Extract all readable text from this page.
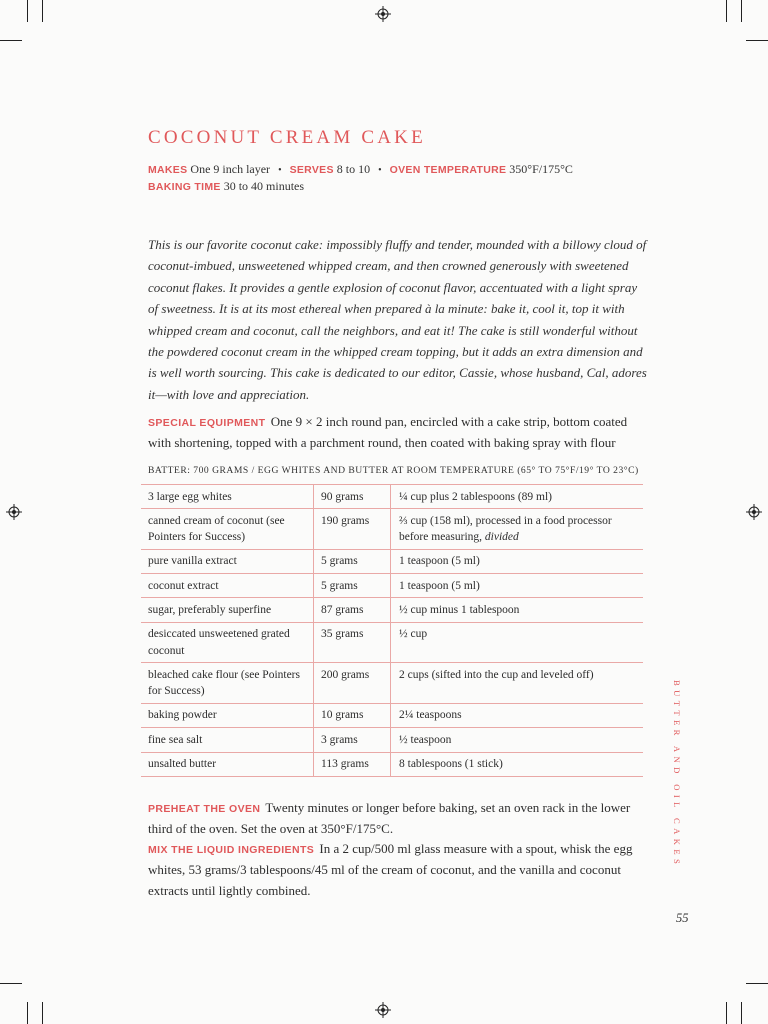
COCONUT CREAM CAKE
MAKES One 9 inch layer • SERVES 8 to 10 • OVEN TEMPERATURE 350°F/175°C
BAKING TIME 30 to 40 minutes
This is our favorite coconut cake: impossibly fluffy and tender, mounded with a billowy cloud of coconut-imbued, unsweetened whipped cream, and then crowned generously with sweetened coconut flakes. It provides a gentle explosion of coconut flavor, accentuated with a light spray of sweetness. It is at its most ethereal when prepared à la minute: bake it, cool it, top it with whipped cream and coconut, call the neighbors, and eat it! The cake is still wonderful without the powdered coconut cream in the whipped cream topping, but it adds an extra dimension and is well worth sourcing. This cake is dedicated to our editor, Cassie, whose husband, Cal, adores it—with love and appreciation.
SPECIAL EQUIPMENT One 9 × 2 inch round pan, encircled with a cake strip, bottom coated with shortening, topped with a parchment round, then coated with baking spray with flour
BATTER: 700 GRAMS / EGG WHITES AND BUTTER AT ROOM TEMPERATURE (65° TO 75°F/19° TO 23°C)
3 large egg whites	90 grams	¼ cup plus 2 tablespoons (89 ml)
canned cream of coconut (see Pointers for Success)	190 grams	⅔ cup (158 ml), processed in a food processor before measuring, divided
pure vanilla extract	5 grams	1 teaspoon (5 ml)
coconut extract	5 grams	1 teaspoon (5 ml)
sugar, preferably superfine	87 grams	½ cup minus 1 tablespoon
desiccated unsweetened grated coconut	35 grams	½ cup
bleached cake flour (see Pointers for Success)	200 grams	2 cups (sifted into the cup and leveled off)
baking powder	10 grams	2¼ teaspoons
fine sea salt	3 grams	½ teaspoon
unsalted butter	113 grams	8 tablespoons (1 stick)
PREHEAT THE OVEN Twenty minutes or longer before baking, set an oven rack in the lower third of the oven. Set the oven at 350°F/175°C.
MIX THE LIQUID INGREDIENTS In a 2 cup/500 ml glass measure with a spout, whisk the egg whites, 53 grams/3 tablespoons/45 ml of the cream of coconut, and the vanilla and coconut extracts until lightly combined.
BUTTER AND OIL CAKES
55
